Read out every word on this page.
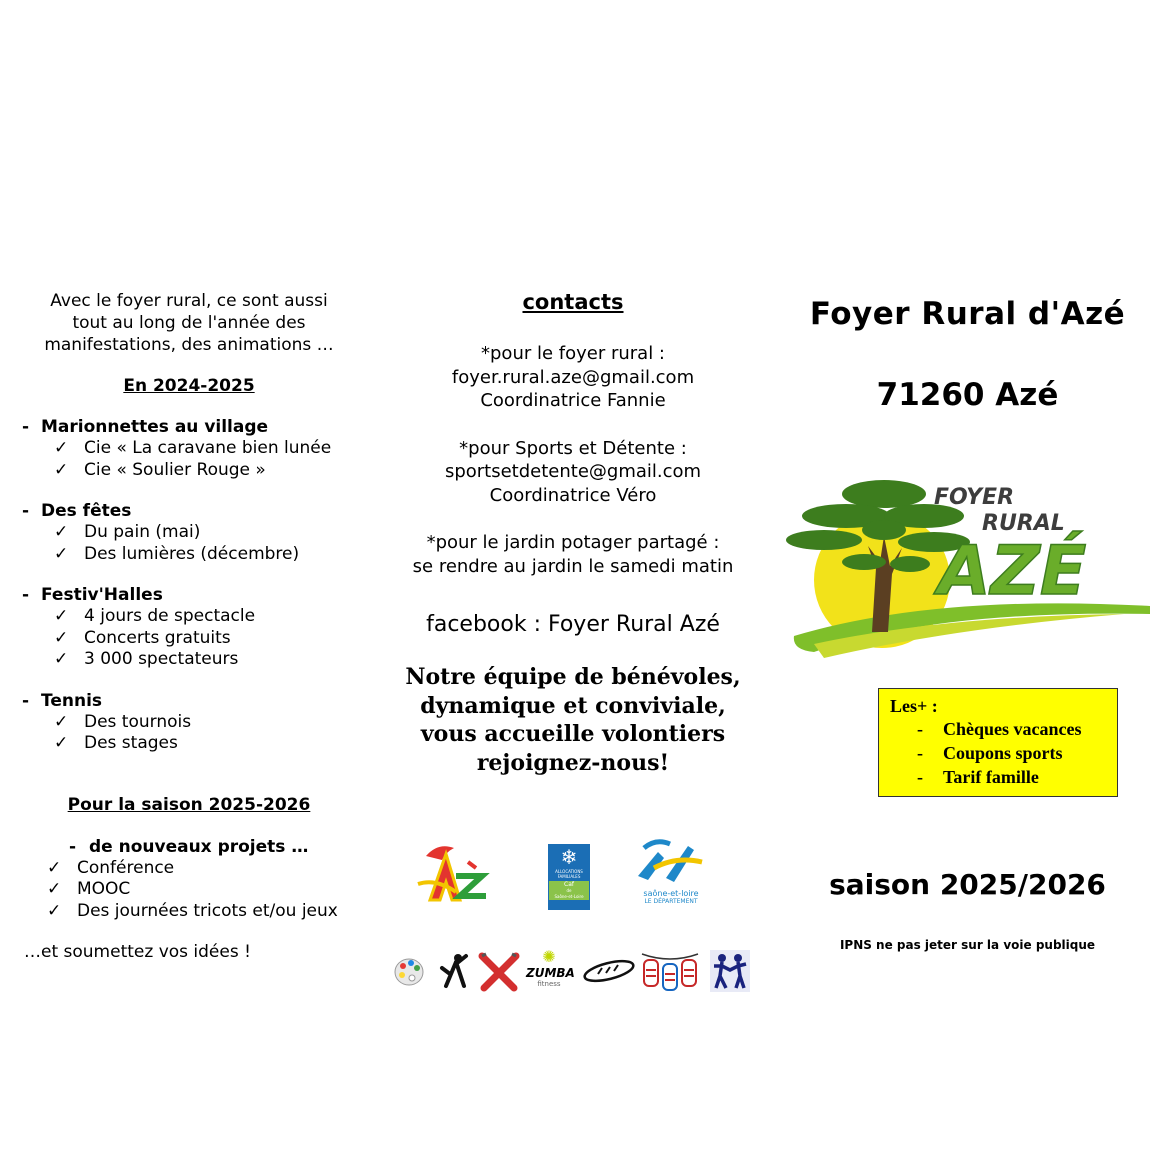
Avec le foyer rural, ce sont aussi
tout au long de l'année des
manifestations, des animations …
En 2024-2025
- Marionnettes au village
✓ Cie « La caravane bien lunée
✓ Cie « Soulier Rouge »
- Des fêtes
✓ Du pain (mai)
✓ Des lumières (décembre)
- Festiv'Halles
✓ 4 jours de spectacle
✓ Concerts gratuits
✓ 3 000 spectateurs
- Tennis
✓ Des tournois
✓ Des stages
Pour la saison 2025-2026
- de nouveaux projets …
✓ Conférence
✓ MOOC
✓ Des journées tricots et/ou jeux
…et soumettez vos idées !
contacts
*pour le foyer rural :
foyer.rural.aze@gmail.com
Coordinatrice Fannie
*pour Sports et Détente :
sportsetdetente@gmail.com
Coordinatrice Véro
*pour le jardin potager partagé :
se rendre au jardin le samedi matin
facebook : Foyer Rural Azé
Notre équipe de bénévoles,
dynamique et conviviale,
vous accueille volontiers
rejoignez-nous!
❄
ALLOCATIONS
FAMILIALES
Caf
de
Saône-et-Loire	saône-et-loire
LE DÉPARTEMENT
✺
ZUMBA
fitness
Foyer Rural d'Azé
71260 Azé
FOYER
RURAL
AZÉ
Les+ :
- Chèques vacances
- Coupons sports
- Tarif famille
saison 2025/2026
IPNS ne pas jeter sur la voie publique
